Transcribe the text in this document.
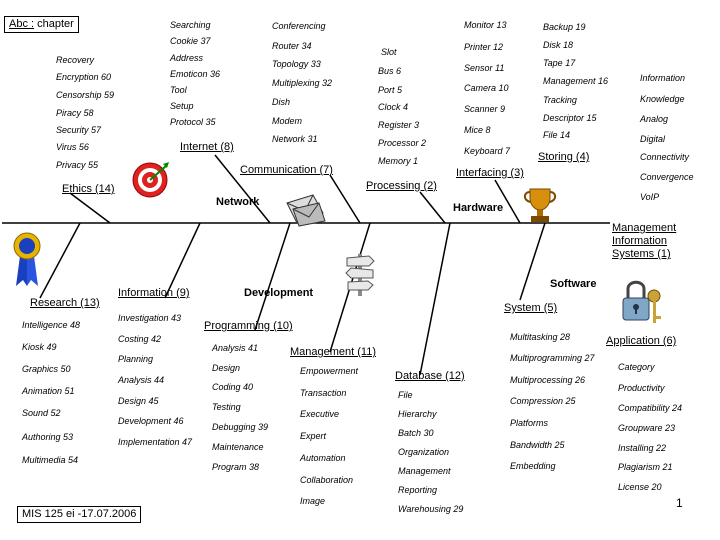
Abc : chapter
Recovery
Encryption 60
Censorship 59
Piracy 58
Security 57
Virus 56
Privacy 55
Ethics (14)
Searching
Cookie 37
Address
Emoticon 36
Tool
Setup
Protocol 35
Internet (8)
Conferencing
Router 34
Topology 33
Multiplexing 32
Dish
Modem
Network 31
Communication (7)
Slot
Bus 6
Port 5
Clock 4
Register 3
Processor 2
Memory 1
Processing (2)
Monitor 13
Printer 12
Sensor 11
Camera 10
Scanner 9
Mice 8
Keyboard 7
Interfacing (3)
Backup 19
Disk 18
Tape 17
Management 16
Tracking
Descriptor 15
File 14
Storing (4)
Information
Knowledge
Analog
Digital
Connectivity
Convergence
VoIP
Network	Hardware
Management Information Systems (1)
Software
Research (13)
Information (9)	Development
Programming (10)
Management (11)
Database (12)
System (5)
Application (6)
Intelligence 48
Kiosk 49
Graphics 50
Animation 51
Sound 52
Authoring 53
Multimedia 54
Investigation 43
Costing 42
Planning
Analysis 44
Design 45
Development 46
Implementation 47
Analysis 41
Design
Coding 40
Testing
Debugging 39
Maintenance
Program 38
Empowerment
Transaction
Executive
Expert
Automation
Collaboration
Image
File
Hierarchy
Batch 30
Organization
Management
Reporting
Warehousing 29
Multitasking 28
Multiprogramming 27
Multiprocessing 26
Compression 25
Platforms
Bandwidth 25
Embedding
Category
Productivity
Compatibility 24
Groupware 23
Installing 22
Plagiarism 21
License 20
MIS 125 ei -17.07.2006
1
